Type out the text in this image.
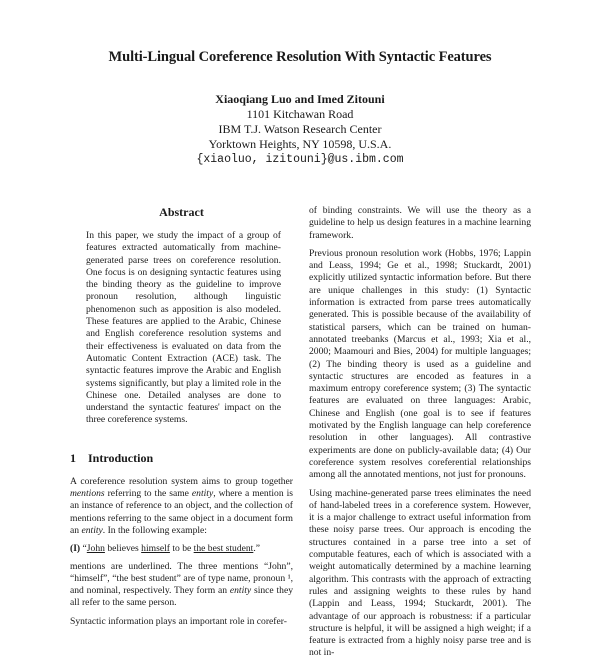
Multi-Lingual Coreference Resolution With Syntactic Features
Xiaoqiang Luo and Imed Zitouni
1101 Kitchawan Road
IBM T.J. Watson Research Center
Yorktown Heights, NY 10598, U.S.A.
{xiaoluo, izitouni}@us.ibm.com
Abstract
In this paper, we study the impact of a group of features extracted automatically from machine-generated parse trees on coreference resolution. One focus is on designing syntactic features using the binding theory as the guideline to improve pronoun resolution, although linguistic phenomenon such as apposition is also modeled. These features are applied to the Arabic, Chinese and English coreference resolution systems and their effectiveness is evaluated on data from the Automatic Content Extraction (ACE) task. The syntactic features improve the Arabic and English systems significantly, but play a limited role in the Chinese one. Detailed analyses are done to understand the syntactic features' impact on the three coreference systems.
1 Introduction

A coreference resolution system aims to group together mentions referring to the same entity, where a mention is an instance of reference to an object, and the collection of mentions referring to the same object in a document form an entity. In the following example:

(I) “John believes himself to be the best student.”

mentions are underlined. The three mentions “John”, “himself”, “the best student” are of type name, pronoun ¹, and nominal, respectively. They form an entity since they all refer to the same person.

Syntactic information plays an important role in corefer-

of binding constraints. We will use the theory as a guideline to help us design features in a machine learning framework.

Previous pronoun resolution work (Hobbs, 1976; Lappin and Leass, 1994; Ge et al., 1998; Stuckardt, 2001) explicitly utilized syntactic information before. But there are unique challenges in this study: (1) Syntactic information is extracted from parse trees automatically generated. This is possible because of the availability of statistical parsers, which can be trained on human-annotated treebanks (Marcus et al., 1993; Xia et al., 2000; Maamouri and Bies, 2004) for multiple languages; (2) The binding theory is used as a guideline and syntactic structures are encoded as features in a maximum entropy coreference system; (3) The syntactic features are evaluated on three languages: Arabic, Chinese and English (one goal is to see if features motivated by the English language can help coreference resolution in other languages). All contrastive experiments are done on publicly-available data; (4) Our coreference system resolves coreferential relationships among all the annotated mentions, not just for pronouns.

Using machine-generated parse trees eliminates the need of hand-labeled trees in a coreference system. However, it is a major challenge to extract useful information from these noisy parse trees. Our approach is encoding the structures contained in a parse tree into a set of computable features, each of which is associated with a weight automatically determined by a machine learning algorithm. This contrasts with the approach of extracting rules and assigning weights to these rules by hand (Lappin and Leass, 1994; Stuckardt, 2001). The advantage of our approach is robustness: if a particular structure is helpful, it will be assigned a high weight; if a feature is extracted from a highly noisy parse tree and is not in-
